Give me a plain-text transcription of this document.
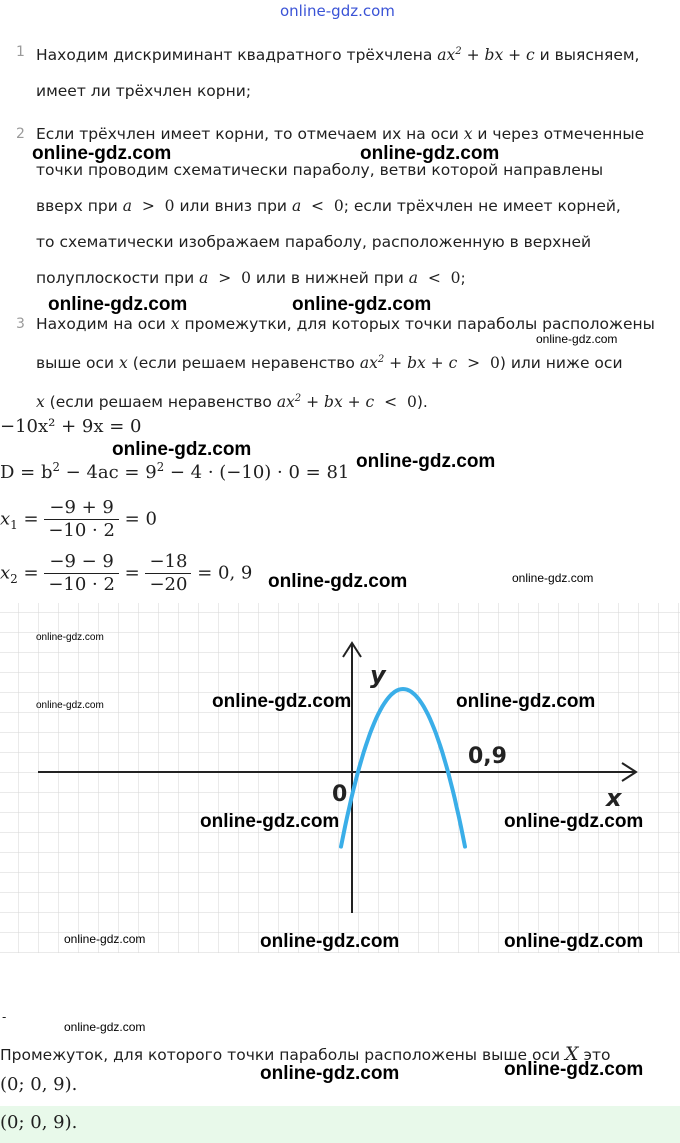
online-gdz.com
1 Находим дискриминант квадратного трёхчлена $ax^2$ + bx + c и выясняем,
имеет ли трёхчлен корни;
2 Если трёхчлен имеет корни, то отмечаем их на оси x и через отмеченные
точки проводим схематически параболу, ветви которой направлены
вверх при a  >  0 или вниз при a  <  0; если трёхчлен не имеет корней,
то схематически изображаем параболу, расположенную в верхней
полуплоскости при a  >  0 или в нижней при a  <  0;
3 Находим на оси x промежутки, для которых точки параболы расположены
выше оси x (если решаем неравенство $ax^2$ + bx + c  >  0) или ниже оси
x (если решаем неравенство $ax^2$ + bx + c  <  0).
−10x² + 9x = 0
$D = b^2 - 4ac = 9^2 - 4 \cdot (-10) \cdot 0 = 81$
$x_1 = \frac{-9 + 9}{-10 \cdot 2} = 0$
$x_2 = \frac{-9 - 9}{-10 \cdot 2} = \frac{-18}{-20} = 0$, 9
y
x
0
0,9
online-gdz.com	online-gdz.com
online-gdz.com	online-gdz.com
online-gdz.com
online-gdz.com
online-gdz.com
online-gdz.com	online-gdz.com
online-gdz.com
online-gdz.com	online-gdz.com	online-gdz.com
online-gdz.com	online-gdz.com
online-gdz.com	online-gdz.com	online-gdz.com
online-gdz.com
online-gdz.com	online-gdz.com
-
Промежуток, для которого точки параболы расположены выше оси X это
(0; 0, 9).
(0; 0, 9).
